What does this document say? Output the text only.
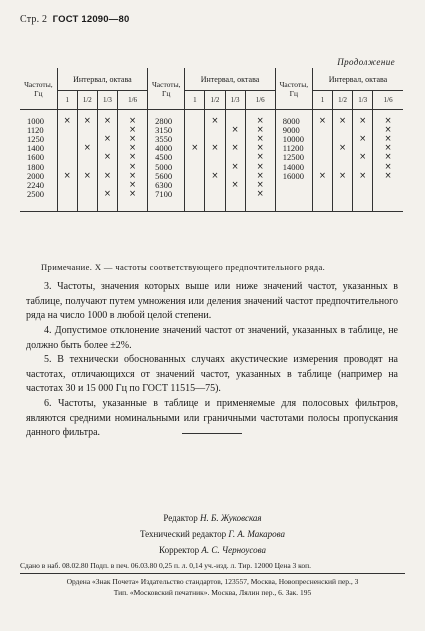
Стр. 2 ГОСТ 12090—80
Продолжение
Частоты, Гц	Интервал, октава				Частоты, Гц	Интервал, октава				Частоты, Гц	Интервал, октава			
	1	1/2	1/3	1/6		1	1/2	1/3	1/6		1	1/2	1/3	1/6

1000	×	×	×	×	2800		×		×	8000	×	×	×	×
1120				×	3150			×	×	9000				×
1250			×	×	3550				×	10000			×	×
1400		×		×	4000	×	×	×	×	11200		×		×
1600			×	×	4500				×	12500			×	×
1800				×	5000			×	×	14000				×
2000	×	×	×	×	5600		×		×	16000	×	×	×	×
2240				×	6300			×	×					
2500			×	×	7100				×					

Примечание. Х — частоты соответствующего предпочтительного ряда.

3. Частоты, значения которых выше или ниже значений частот, указанных в таблице, получают путем умножения или деления значений частот предпочтительного ряда на число 1000 в любой целой степени.

4. Допустимое отклонение значений частот от значений, указанных в таблице, не должно быть более ±2%.

5. В технически обоснованных случаях акустические измерения проводят на частотах, отличающихся от значений частот, указанных в таблице (например на частотах 30 и 15 000 Гц по ГОСТ 11515—75).

6. Частоты, указанные в таблице и применяемые для полосовых фильтров, являются средними номинальными или граничными частотами полосы пропускания данного фильтра.

Редактор Н. Б. Жуковская
Технический редактор Г. А. Макарова
Корректор А. С. Черноусова
Сдано в наб. 08.02.80 Подп. в печ. 06.03.80 0,25 п. л. 0,14 уч.-изд. л. Тир. 12000 Цена 3 коп.
Ордена «Знак Почета» Издательство стандартов, 123557, Москва, Новопресненский пер., 3
Тип. «Московский печатник». Москва, Лялин пер., 6. Зак. 195
